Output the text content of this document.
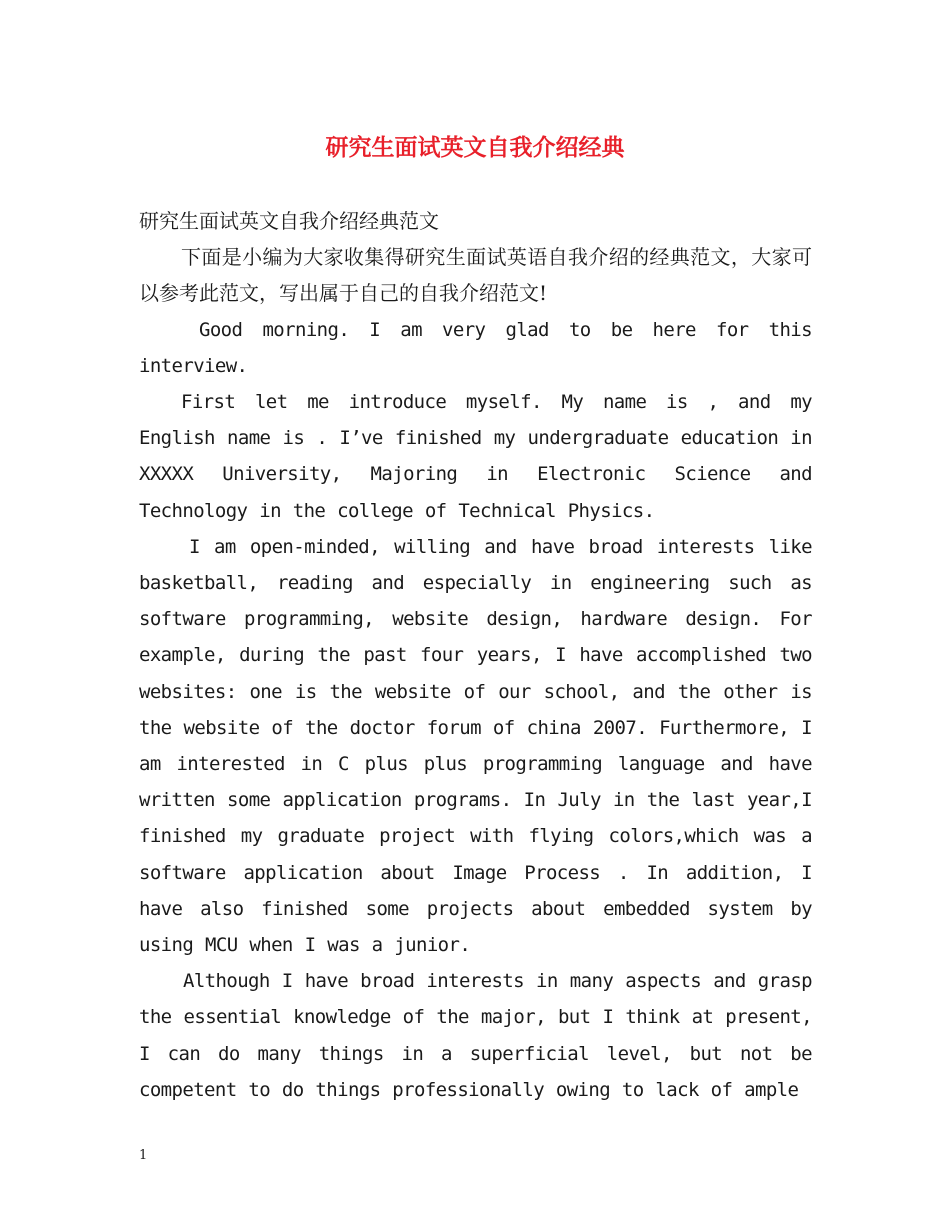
研究生面试英文自我介绍经典

研究生面试英文自我介绍经典范文

下面是小编为大家收集得研究生面试英语自我介绍的经典范文，大家可以参考此范文，写出属于自己的自我介绍范文!

Good morning. I am very glad to be here for this interview.

First let me introduce myself. My name is , and my English name is . I’ve finished my undergraduate education in XXXXX University, Majoring in Electronic Science and Technology in the college of Technical Physics.

I am open-minded, willing and have broad interests like basketball, reading and especially in engineering such as software programming, website design, hardware design. For example, during the past four years, I have accomplished two websites: one is the website of our school, and the other is the website of the doctor forum of china 2007. Furthermore, I am interested in C plus plus programming language and have written some application programs. In July in the last year,I finished my graduate project with flying colors,which was a software application about Image Process . In addition, I have also finished some projects about embedded system by using MCU when I was a junior.

Although I have broad interests in many aspects and grasp the essential knowledge of the major, but I think at present, I can do many things in a superficial level, but not be competent to do things professionally owing to lack of ample

1
